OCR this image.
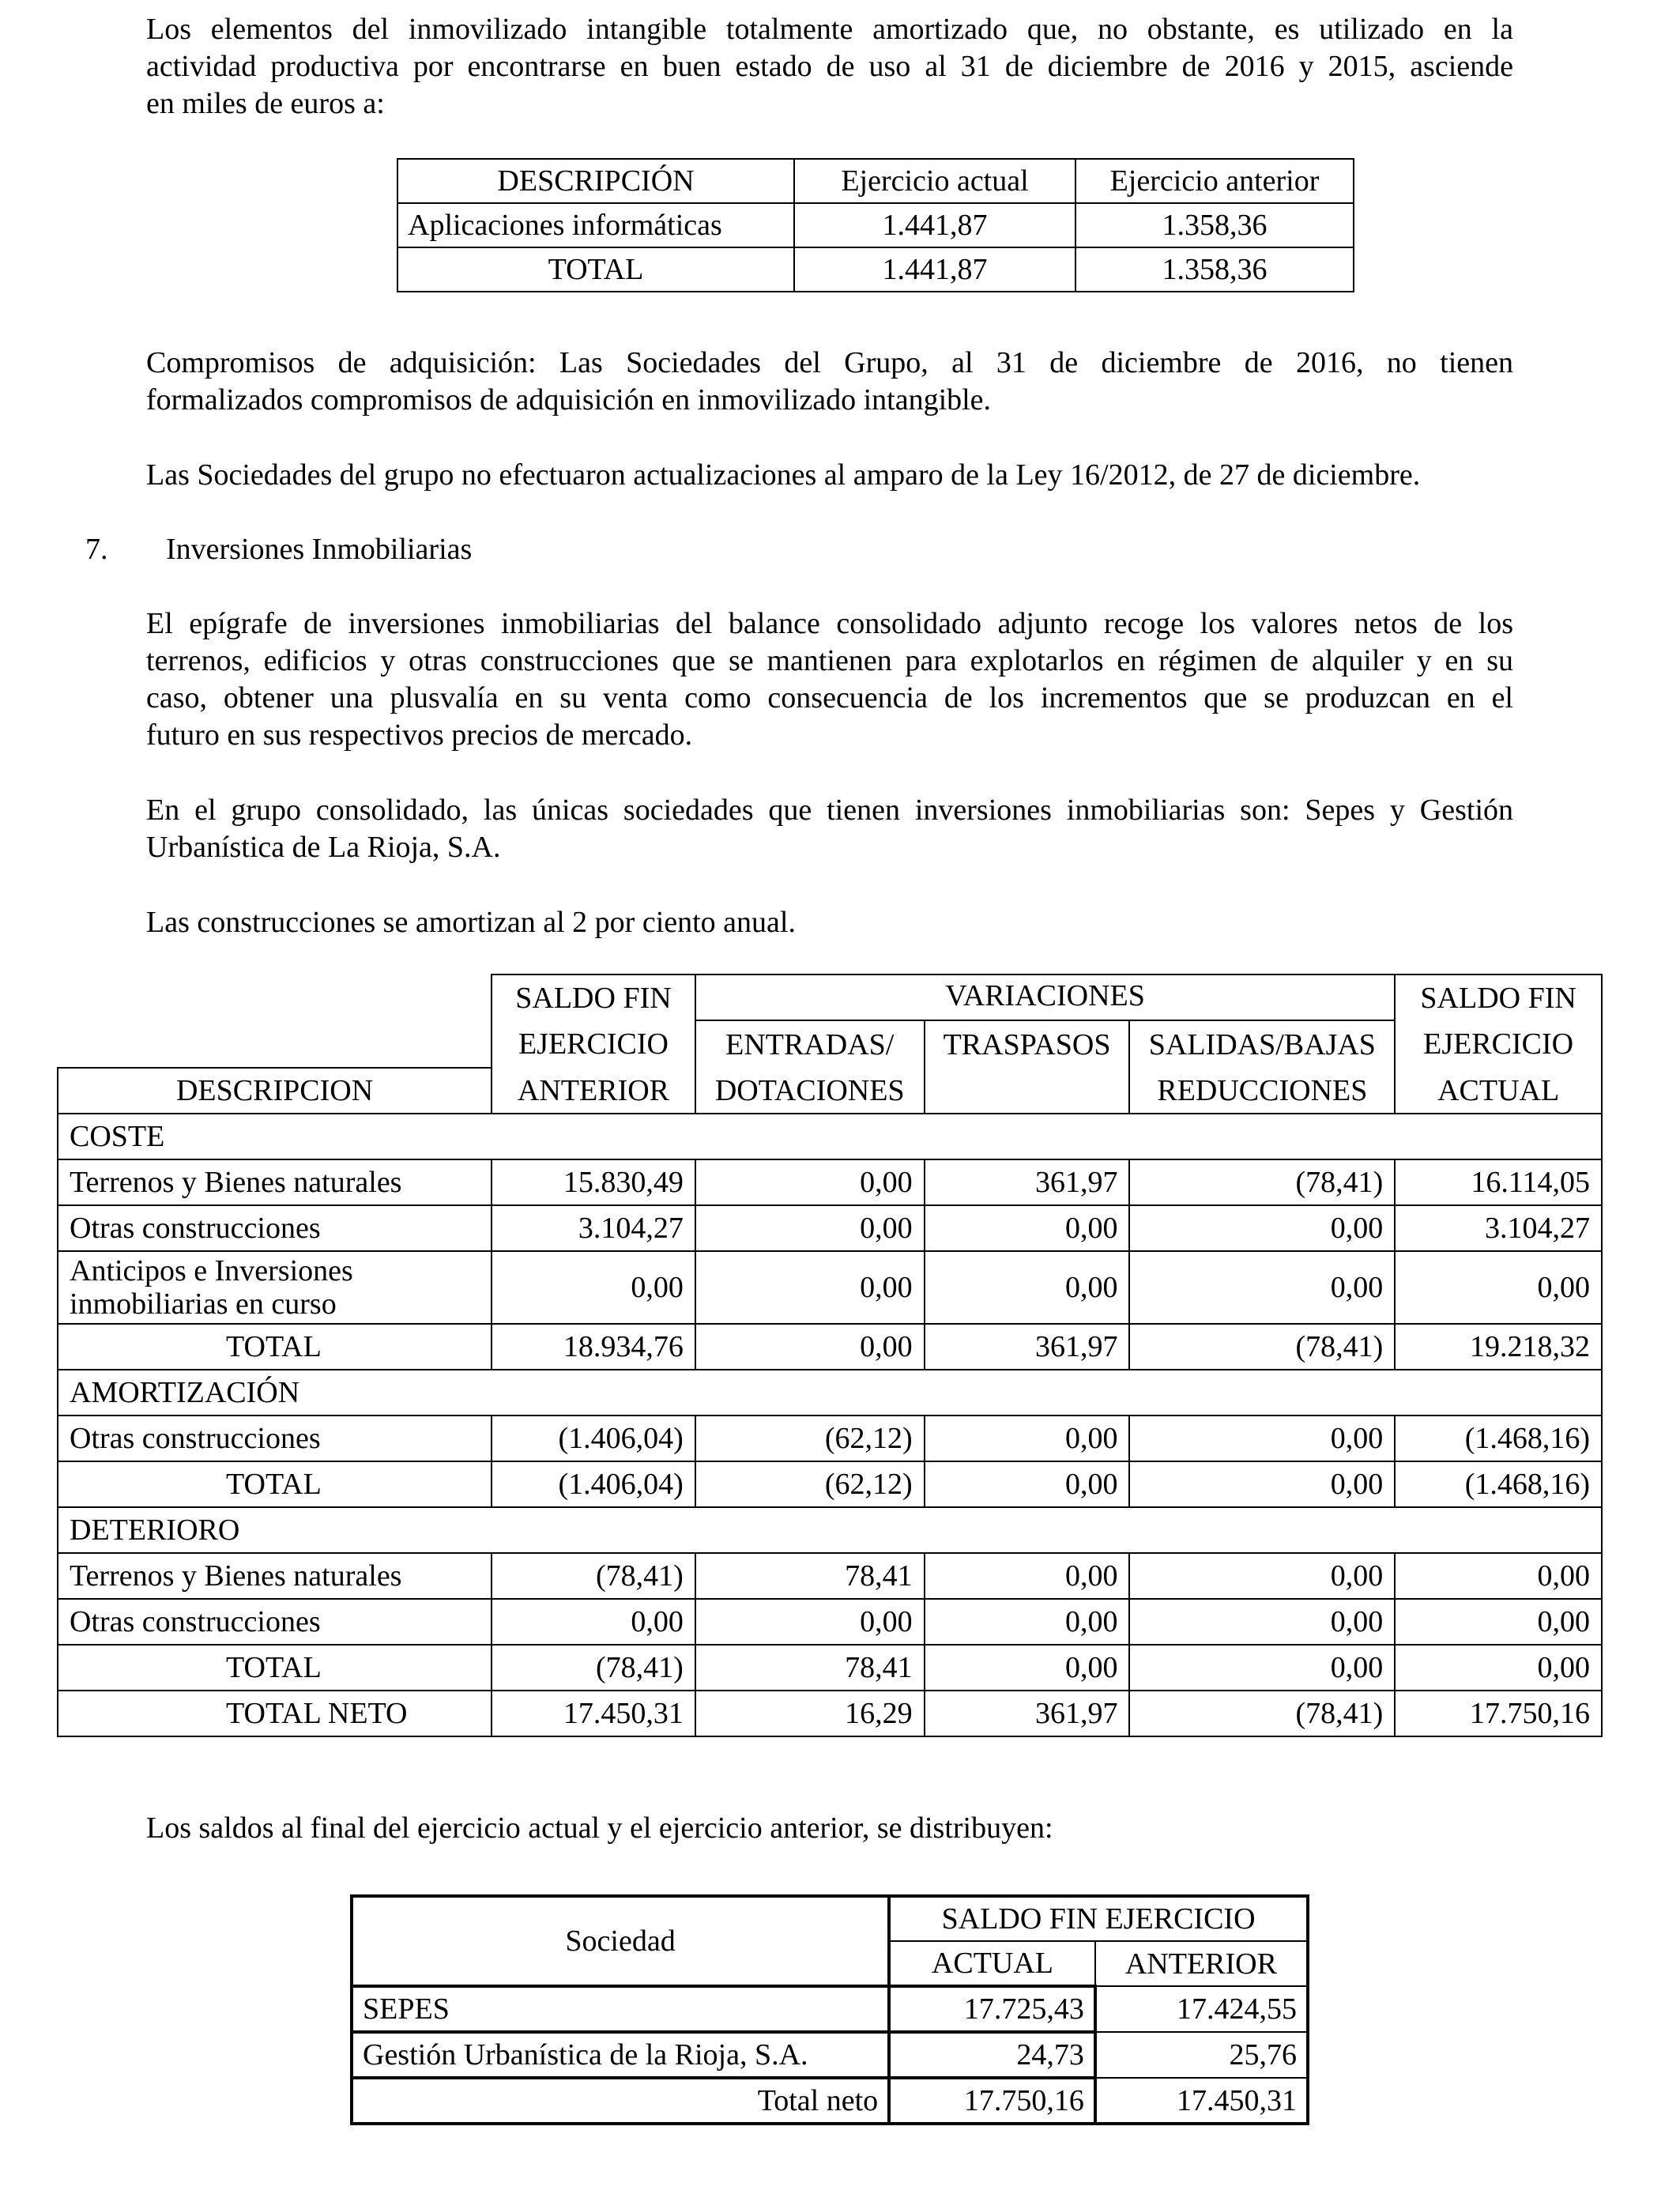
Los elementos del inmovilizado intangible totalmente amortizado que, no obstante, es utilizado en la
actividad productiva por encontrarse en buen estado de uso al 31 de diciembre de 2016 y 2015, asciende
en miles de euros a:
DESCRIPCIÓN	Ejercicio actual	Ejercicio anterior
Aplicaciones informáticas	1.441,87	1.358,36
TOTAL	1.441,87	1.358,36
Compromisos de adquisición: Las Sociedades del Grupo, al 31 de diciembre de 2016, no tienen
formalizados compromisos de adquisición en inmovilizado intangible.
Las Sociedades del grupo no efectuaron actualizaciones al amparo de la Ley 16/2012, de 27 de diciembre.
7. Inversiones Inmobiliarias
El epígrafe de inversiones inmobiliarias del balance consolidado adjunto recoge los valores netos de los
terrenos, edificios y otras construcciones que se mantienen para explotarlos en régimen de alquiler y en su
caso, obtener una plusvalía en su venta como consecuencia de los incrementos que se produzcan en el
futuro en sus respectivos precios de mercado.
En el grupo consolidado, las únicas sociedades que tienen inversiones inmobiliarias son: Sepes y Gestión
Urbanística de La Rioja, S.A.
Las construcciones se amortizan al 2 por ciento anual.
	SALDO FIN	VARIACIONES			SALDO FIN
	EJERCICIO	ENTRADAS/	TRASPASOS	SALIDAS/BAJAS	EJERCICIO
DESCRIPCION	ANTERIOR	DOTACIONES		REDUCCIONES	ACTUAL
COSTE					
Terrenos y Bienes naturales	15.830,49	0,00	361,97	(78,41)	16.114,05
Otras construcciones	3.104,27	0,00	0,00	0,00	3.104,27
Anticipos e Inversiones inmobiliarias en curso	0,00	0,00	0,00	0,00	0,00
TOTAL	18.934,76	0,00	361,97	(78,41)	19.218,32
AMORTIZACIÓN					
Otras construcciones	(1.406,04)	(62,12)	0,00	0,00	(1.468,16)
TOTAL	(1.406,04)	(62,12)	0,00	0,00	(1.468,16)
DETERIORO					
Terrenos y Bienes naturales	(78,41)	78,41	0,00	0,00	0,00
Otras construcciones	0,00	0,00	0,00	0,00	0,00
TOTAL	(78,41)	78,41	0,00	0,00	0,00
TOTAL NETO	17.450,31	16,29	361,97	(78,41)	17.750,16
Los saldos al final del ejercicio actual y el ejercicio anterior, se distribuyen:
Sociedad	SALDO FIN EJERCICIO	
	ACTUAL	ANTERIOR
SEPES	17.725,43	17.424,55
Gestión Urbanística de la Rioja, S.A.	24,73	25,76
Total neto	17.750,16	17.450,31
